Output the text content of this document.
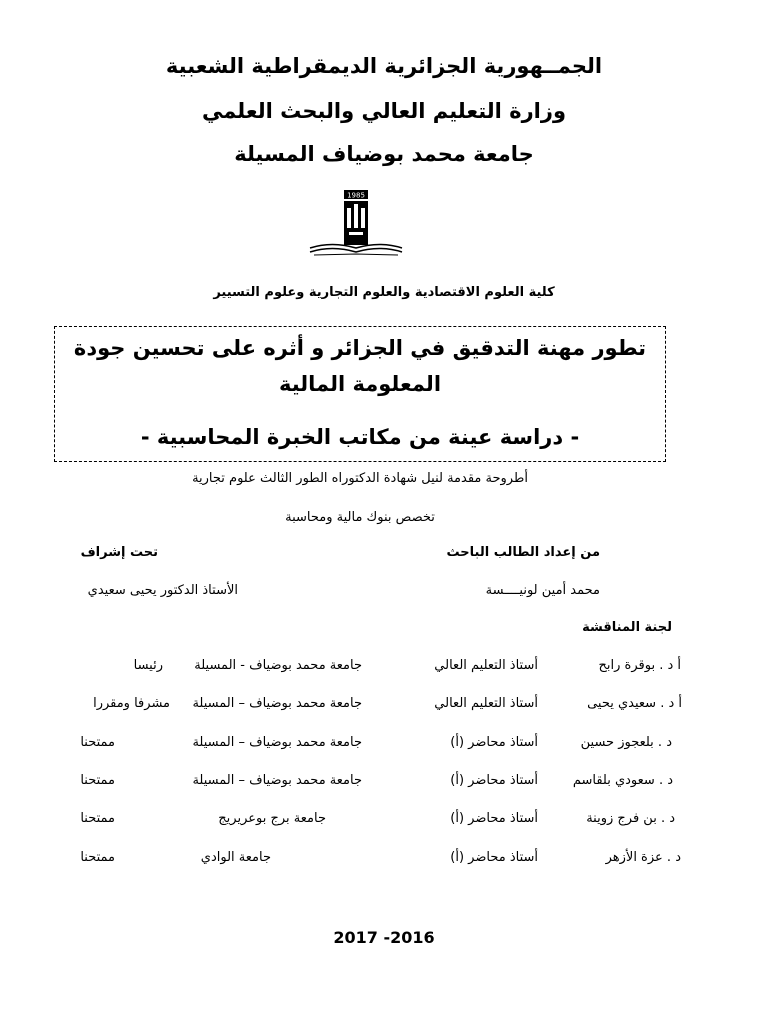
الجمــهورية الجزائرية الديمقراطية الشعبية
وزارة التعليم العالي والبحث العلمي
جامعة محمد بوضياف المسيلة
1985
كلية العلوم الاقتصادية والعلوم التجارية وعلوم التسيير
تطور مهنة التدقيق في الجزائر و أثره على تحسين جودة
المعلومة المالية
- دراسة عينة من مكاتب الخبرة المحاسبية -
أطروحة مقدمة لنيل شهادة الدكتوراه الطور الثالث علوم تجارية
تخصص بنوك مالية ومحاسبة
من إعداد الطالب الباحث
تحت إشراف
محمد أمين لونيــــسة
الأستاذ الدكتور يحيى سعيدي
لجنة المناقشة
أ د . بوقرة رابح
أستاذ التعليم العالي
جامعة محمد بوضياف - المسيلة
رئيسا
أ د . سعيدي يحيى
أستاذ التعليم العالي
جامعة محمد بوضياف – المسيلة
مشرفا ومقررا
د . بلعجوز حسين
أستاذ محاضر (أ)
جامعة محمد بوضياف – المسيلة
ممتحنا
د . سعودي بلقاسم
أستاذ محاضر (أ)
جامعة محمد بوضياف – المسيلة
ممتحنا
د . بن فرج زوينة
أستاذ محاضر (أ)
جامعة برج بوعريريج
ممتحنا
د . عزة الأزهر
أستاذ محاضر (أ)
جامعة الوادي
ممتحنا
2017 -2016
